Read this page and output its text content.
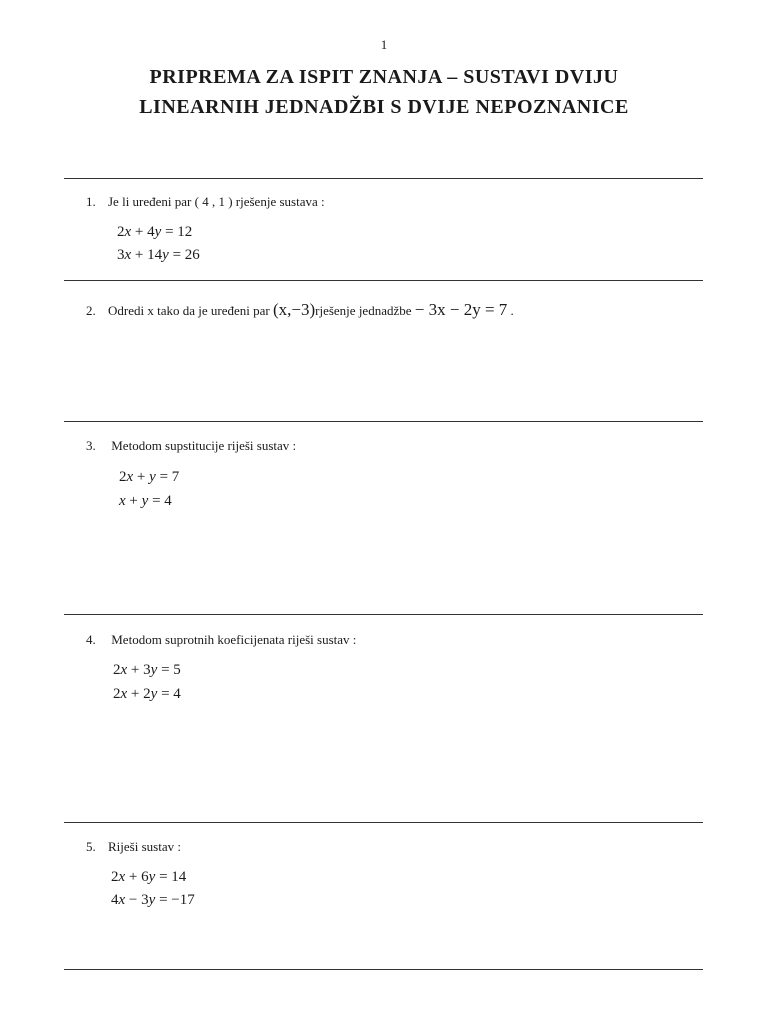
1
PRIPREMA ZA ISPIT ZNANJA – SUSTAVI DVIJU
LINEARNIH JEDNADŽBI S DVIJE NEPOZNANICE
1. Je li uređeni par ( 4 , 1 ) rješenje sustava :
2x + 4y = 12
3x + 14y = 26
2. Odredi x tako da je uređeni par (x,−3)rješenje jednadžbe − 3x − 2y = 7 .
3. Metodom supstitucije riješi sustav :
2x + y = 7
x + y = 4
4. Metodom suprotnih koeficijenata riješi sustav :
2x + 3y = 5
2x + 2y = 4
5. Riješi sustav :
2x + 6y = 14
4x − 3y = −17
